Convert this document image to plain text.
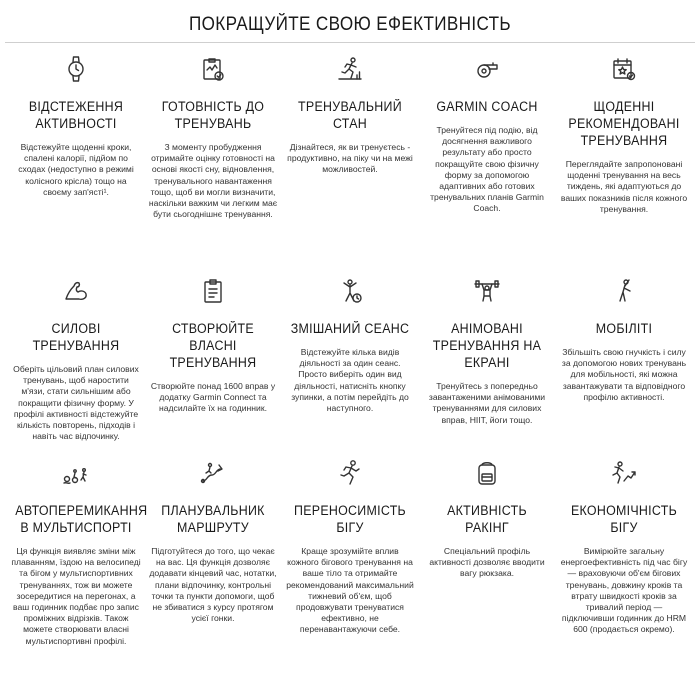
ПОКРАЩУЙТЕ СВОЮ ЕФЕКТИВНІСТЬ
ВІДСТЕЖЕННЯ АКТИВНОСТІ

Відстежуйте щоденні кроки, спалені калорії, підйом по сходах (недоступно в режимі колісного крісла) тощо на своєму зап'ясті¹.

ГОТОВНІСТЬ ДО ТРЕНУВАНЬ

З моменту пробудження отримайте оцінку готовності на основі якості сну, відновлення, тренувального навантаження тощо, щоб ви могли визначити, наскільки важким чи легким має бути сьогоднішнє тренування.

ТРЕНУВАЛЬНИЙ СТАН

Дізнайтеся, як ви тренуєтесь - продуктивно, на піку чи на межі можливостей.

GARMIN COACH

Тренуйтеся під подію, від досягнення важливого результату або просто покращуйте свою фізичну форму за допомогою адаптивних або готових тренувальних планів Garmin Coach.

ЩОДЕННІ РЕКОМЕНДОВАНІ ТРЕНУВАННЯ

Переглядайте запропоновані щоденні тренування на весь тиждень, які адаптуються до ваших показників після кожного тренування.

СИЛОВІ ТРЕНУВАННЯ

Оберіть цільовий план силових тренувань, щоб наростити м'язи, стати сильнішим або покращити фізичну форму. У профілі активності відстежуйте кількість повторень, підходів і навіть час відпочинку.

СТВОРЮЙТЕ ВЛАСНІ ТРЕНУВАННЯ

Створюйте понад 1600 вправ у додатку Garmin Connect та надсилайте їх на годинник.

ЗМІШАНИЙ СЕАНС

Відстежуйте кілька видів діяльності за один сеанс. Просто виберіть один вид діяльності, натисніть кнопку зупинки, а потім перейдіть до наступного.

АНІМОВАНІ ТРЕНУВАННЯ НА ЕКРАНІ

Тренуйтесь з попередньо завантаженими анімованими тренуваннями для силових вправ, HIIT, йоги тощо.

МОБІЛІТІ

Збільшіть свою гнучкість і силу за допомогою нових тренувань для мобільності, які можна завантажувати та відповідного профілю активності.

АВТОПЕРЕМИКАННЯ В МУЛЬТИСПОРТІ

Ця функція виявляє зміни між плаванням, їздою на велосипеді та бігом у мультиспортивних тренуваннях, тож ви можете зосередитися на перегонах, а ваш годинник подбає про запис проміжних відрізків. Також можете створювати власні мультиспортивні профілі.

ПЛАНУВАЛЬНИК МАРШРУТУ

Підготуйтеся до того, що чекає на вас. Ця функція дозволяє додавати кінцевий час, нотатки, плани відпочинку, контрольні точки та пункти допомоги, щоб не збиватися з курсу протягом усієї гонки.

ПЕРЕНОСИМІСТЬ БІГУ

Краще зрозумійте вплив кожного бігового тренування на ваше тіло та отримайте рекомендований максимальний тижневий об'єм, щоб продовжувати тренуватися ефективно, не перенавантажуючи себе.

АКТИВНІСТЬ РАКІНГ

Спеціальний профіль активності дозволяє вводити вагу рюкзака.

ЕКОНОМІЧНІСТЬ БІГУ

Вимірюйте загальну енергоефективність під час бігу — враховуючи об'єм бігових тренувань, довжину кроків та втрату швидкості кроків за тривалий період — підключивши годинник до HRM 600 (продається окремо).
